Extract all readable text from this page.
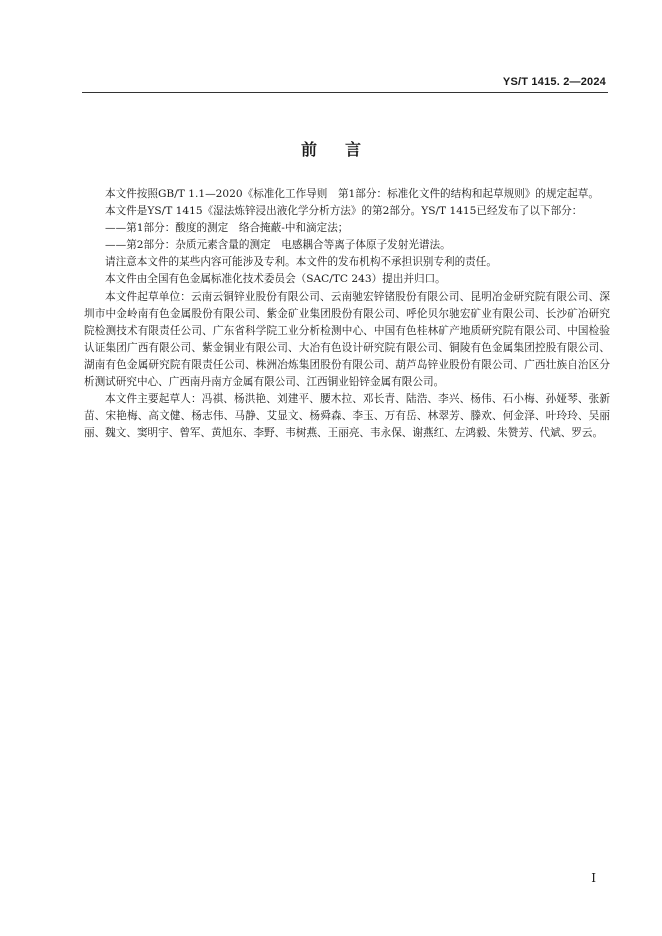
YS/T 1415. 2—2024
前言

本文件按照GB/T 1.1—2020《标准化工作导则　第1部分：标准化文件的结构和起草规则》的规定起草。

本文件是YS/T 1415《湿法炼锌浸出液化学分析方法》的第2部分。YS/T 1415已经发布了以下部分：

——第1部分：酸度的测定　络合掩蔽-中和滴定法；

——第2部分：杂质元素含量的测定　电感耦合等离子体原子发射光谱法。

请注意本文件的某些内容可能涉及专利。本文件的发布机构不承担识别专利的责任。

本文件由全国有色金属标准化技术委员会（SAC/TC 243）提出并归口。

本文件起草单位：云南云铜锌业股份有限公司、云南驰宏锌锗股份有限公司、昆明冶金研究院有限公司、深圳市中金岭南有色金属股份有限公司、紫金矿业集团股份有限公司、呼伦贝尔驰宏矿业有限公司、长沙矿冶研究院检测技术有限责任公司、广东省科学院工业分析检测中心、中国有色桂林矿产地质研究院有限公司、中国检验认证集团广西有限公司、紫金铜业有限公司、大冶有色设计研究院有限公司、铜陵有色金属集团控股有限公司、湖南有色金属研究院有限责任公司、株洲冶炼集团股份有限公司、葫芦岛锌业股份有限公司、广西壮族自治区分析测试研究中心、广西南丹南方金属有限公司、江西铜业铅锌金属有限公司。

本文件主要起草人：冯祺、杨洪艳、刘建平、腰木拉、邓长青、陆浩、李兴、杨伟、石小梅、孙娅琴、张新苗、宋艳梅、高文健、杨志伟、马静、艾显文、杨舜森、李玉、万有岳、林翠芳、滕欢、何金泽、叶玲玲、吴丽丽、魏文、窦明宇、曾军、黄旭东、李野、韦树燕、王丽亮、韦永保、谢燕红、左鸿毅、朱赞芳、代斌、罗云。

I
